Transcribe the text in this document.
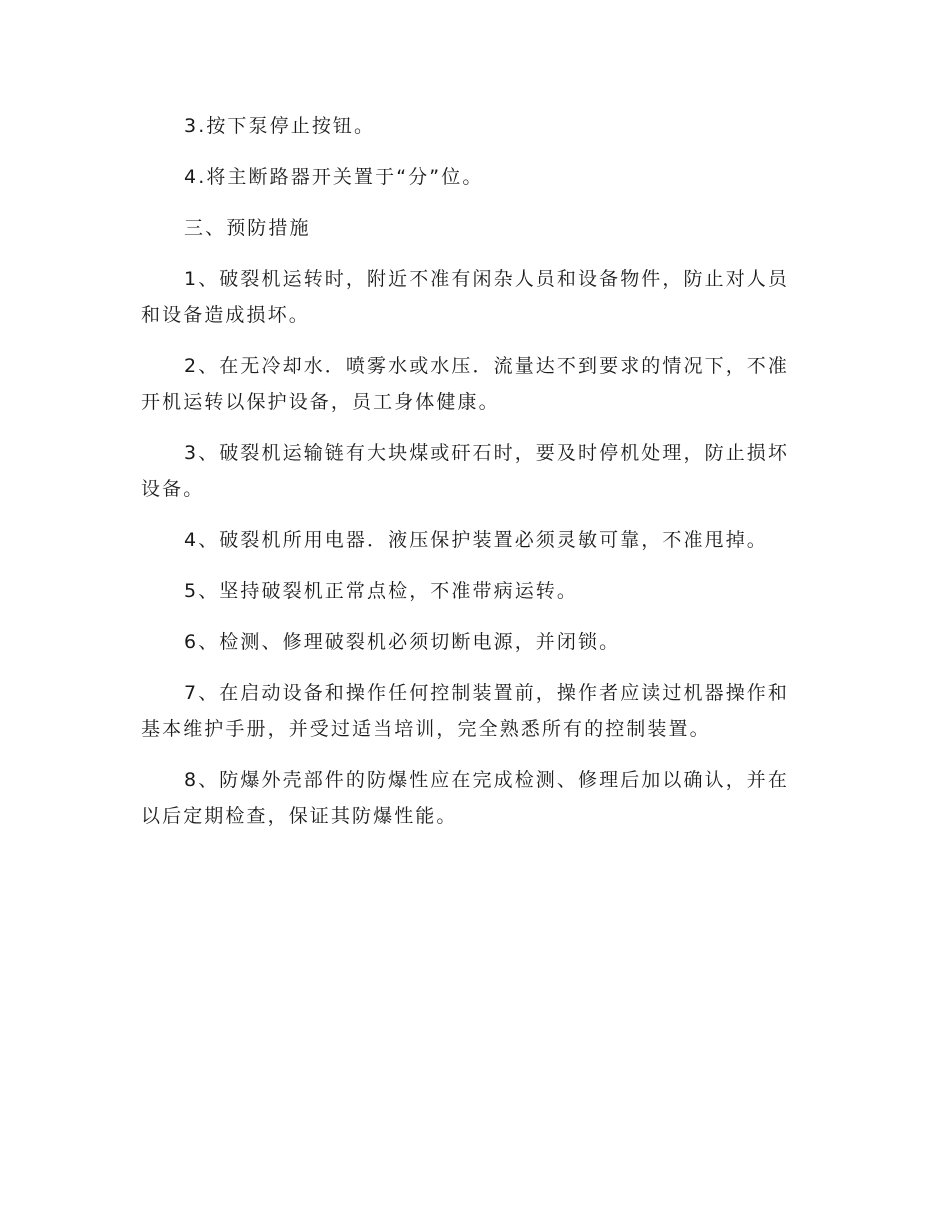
3.按下泵停止按钮。

4.将主断路器开关置于“分”位。

三、预防措施

1、破裂机运转时，附近不准有闲杂人员和设备物件，防止对人员和设备造成损坏。

2、在无冷却水．喷雾水或水压．流量达不到要求的情况下，不准开机运转以保护设备，员工身体健康。

3、破裂机运输链有大块煤或矸石时，要及时停机处理，防止损坏设备。

4、破裂机所用电器．液压保护装置必须灵敏可靠，不准甩掉。

5、坚持破裂机正常点检，不准带病运转。

6、检测、修理破裂机必须切断电源，并闭锁。

7、在启动设备和操作任何控制装置前，操作者应读过机器操作和基本维护手册，并受过适当培训，完全熟悉所有的控制装置。

8、防爆外壳部件的防爆性应在完成检测、修理后加以确认，并在以后定期检查，保证其防爆性能。
